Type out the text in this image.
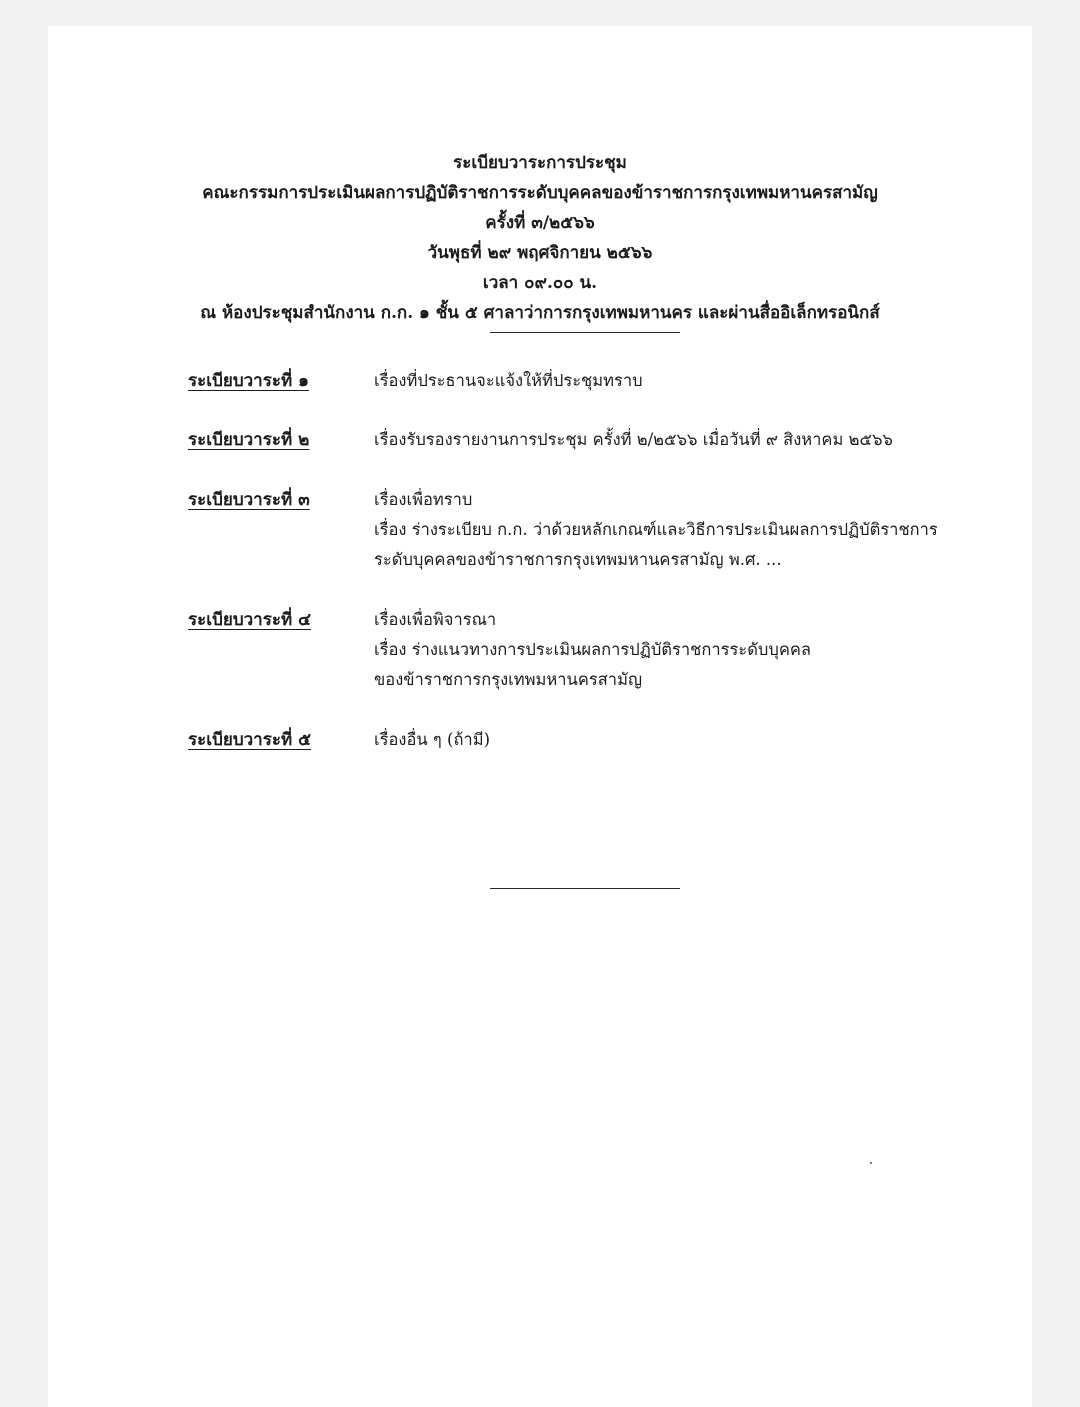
ระเบียบวาระการประชุม
คณะกรรมการประเมินผลการปฏิบัติราชการระดับบุคคลของข้าราชการกรุงเทพมหานครสามัญ
ครั้งที่ ๓/๒๕๖๖
วันพุธที่ ๒๙ พฤศจิกายน ๒๕๖๖
เวลา ๐๙.๐๐ น.
ณ ห้องประชุมสำนักงาน ก.ก. ๑ ชั้น ๕ ศาลาว่าการกรุงเทพมหานคร และผ่านสื่ออิเล็กทรอนิกส์
ระเบียบวาระที่ ๑	เรื่องที่ประธานจะแจ้งให้ที่ประชุมทราบ
ระเบียบวาระที่ ๒	เรื่องรับรองรายงานการประชุม ครั้งที่ ๒/๒๕๖๖ เมื่อวันที่ ๙ สิงหาคม ๒๕๖๖
ระเบียบวาระที่ ๓	เรื่องเพื่อทราบ
เรื่อง ร่างระเบียบ ก.ก. ว่าด้วยหลักเกณฑ์และวิธีการประเมินผลการปฏิบัติราชการ
ระดับบุคคลของข้าราชการกรุงเทพมหานครสามัญ พ.ศ. ...
ระเบียบวาระที่ ๔	เรื่องเพื่อพิจารณา
เรื่อง ร่างแนวทางการประเมินผลการปฏิบัติราชการระดับบุคคล
ของข้าราชการกรุงเทพมหานครสามัญ
ระเบียบวาระที่ ๕	เรื่องอื่น ๆ (ถ้ามี)
